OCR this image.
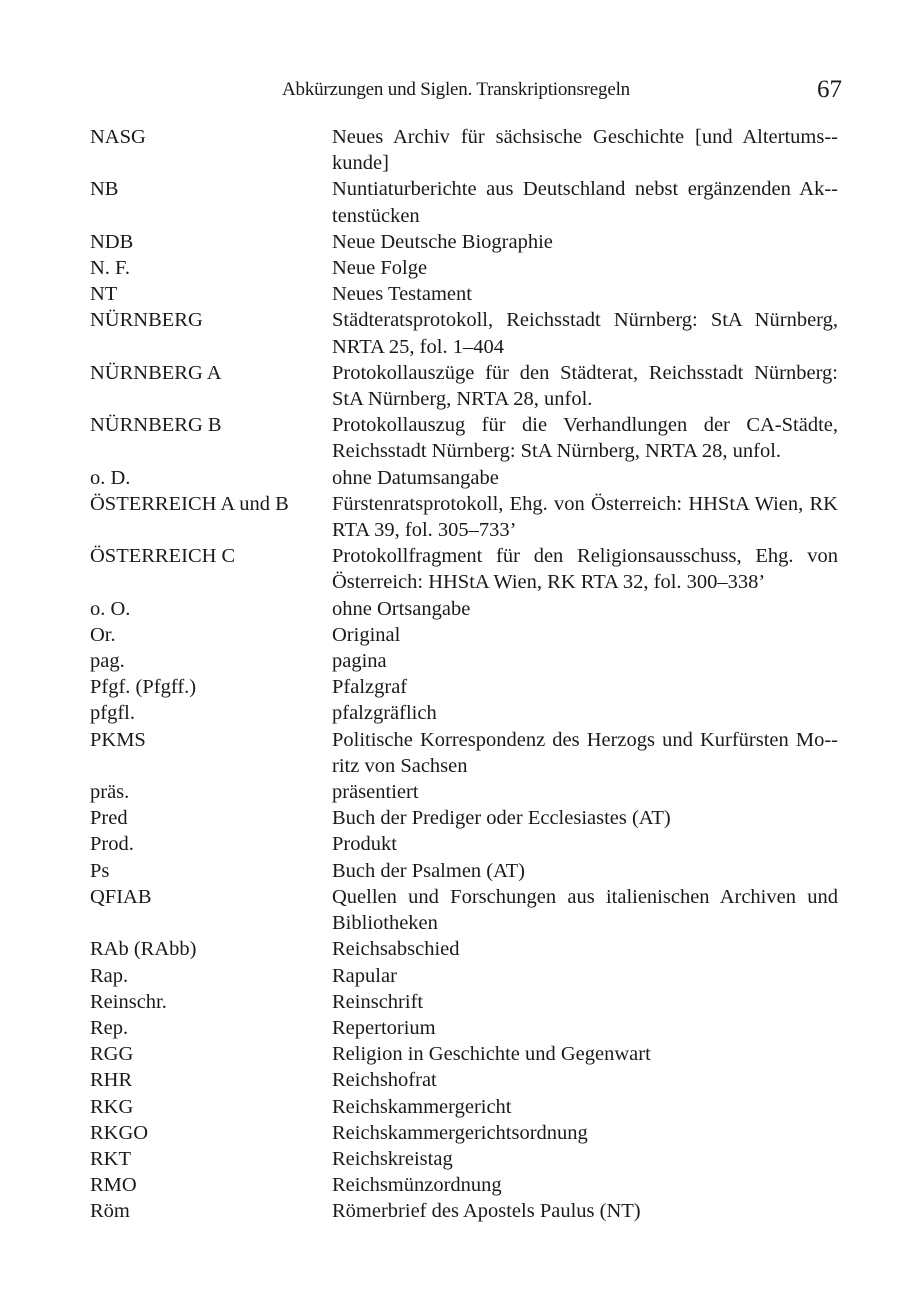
Abkürzungen und Siglen. Transkriptionsregeln	67
NASG	Neues Archiv für sächsische Geschichte [und Altertums-kunde]
NB	Nuntiaturberichte aus Deutschland nebst ergänzenden Ak-tenstücken
NDB	Neue Deutsche Biographie
N. F.	Neue Folge
NT	Neues Testament
NÜRNBERG	Städteratsprotokoll, Reichsstadt Nürnberg: StA Nürnberg, NRTA 25, fol. 1–404
NÜRNBERG A	Protokollauszüge für den Städterat, Reichsstadt Nürnberg: StA Nürnberg, NRTA 28, unfol.
NÜRNBERG B	Protokollauszug für die Verhandlungen der CA-Städte, Reichsstadt Nürnberg: StA Nürnberg, NRTA 28, unfol.
o. D.	ohne Datumsangabe
ÖSTERREICH A und B	Fürstenratsprotokoll, Ehg. von Österreich: HHStA Wien, RK RTA 39, fol. 305–733’
ÖSTERREICH C	Protokollfragment für den Religionsausschuss, Ehg. von Österreich: HHStA Wien, RK RTA 32, fol. 300–338’
o. O.	ohne Ortsangabe
Or.	Original
pag.	pagina
Pfgf. (Pfgff.)	Pfalzgraf
pfgfl.	pfalzgräflich
PKMS	Politische Korrespondenz des Herzogs und Kurfürsten Mo-ritz von Sachsen
präs.	präsentiert
Pred	Buch der Prediger oder Ecclesiastes (AT)
Prod.	Produkt
Ps	Buch der Psalmen (AT)
QFIAB	Quellen und Forschungen aus italienischen Archiven und Bibliotheken
RAb (RAbb)	Reichsabschied
Rap.	Rapular
Reinschr.	Reinschrift
Rep.	Repertorium
RGG	Religion in Geschichte und Gegenwart
RHR	Reichshofrat
RKG	Reichskammergericht
RKGO	Reichskammergerichtsordnung
RKT	Reichskreistag
RMO	Reichsmünzordnung
Röm	Römerbrief des Apostels Paulus (NT)
